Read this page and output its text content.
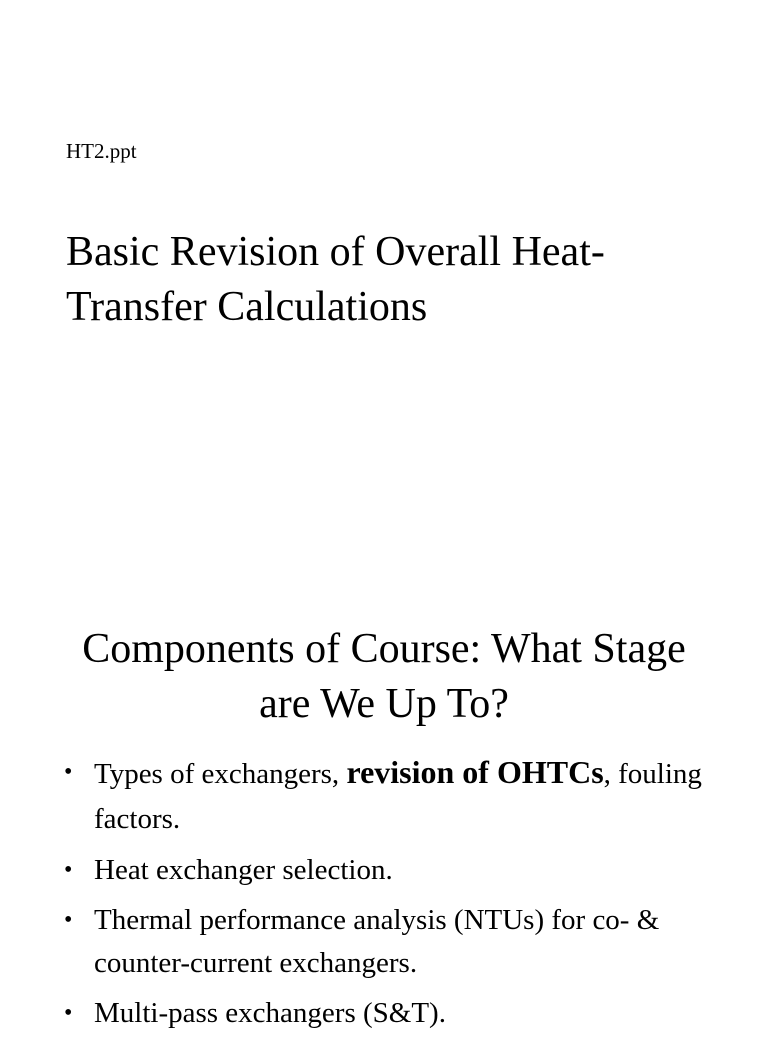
HT2.ppt

Basic Revision of Overall Heat-Transfer Calculations
Components of Course: What Stage are We Up To?
• Types of exchangers, revision of OHTCs, fouling factors.
• Heat exchanger selection.
• Thermal performance analysis (NTUs) for co- & counter-current exchangers.
• Multi-pass exchangers (S&T).
